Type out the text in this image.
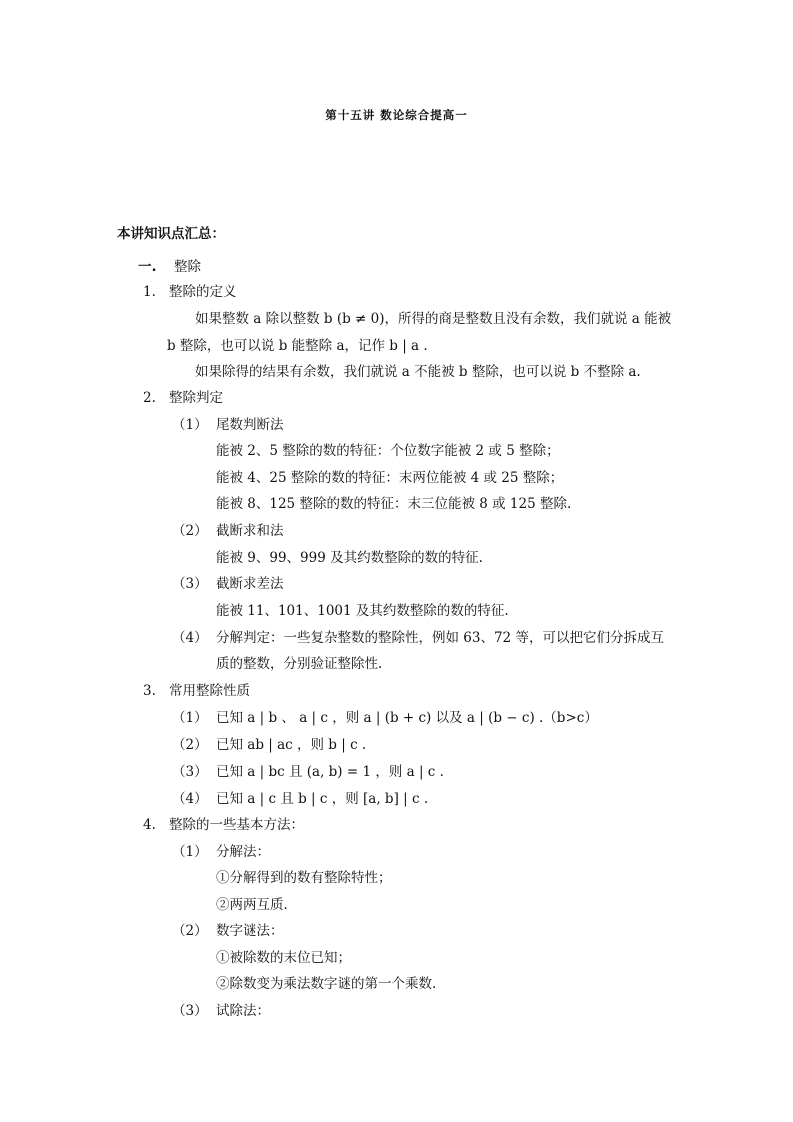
第十五讲 数论综合提高一
本讲知识点汇总：
一. 整除
1. 整除的定义
如果整数 a 除以整数 b (b ≠ 0)，所得的商是整数且没有余数，我们就说 a 能被
b 整除，也可以说 b 能整除 a，记作 b | a .
如果除得的结果有余数，我们就说 a 不能被 b 整除，也可以说 b 不整除 a.
2. 整除判定
（1） 尾数判断法
能被 2、5 整除的数的特征：个位数字能被 2 或 5 整除；
能被 4、25 整除的数的特征：末两位能被 4 或 25 整除；
能被 8、125 整除的数的特征：末三位能被 8 或 125 整除.
（2） 截断求和法
能被 9、99、999 及其约数整除的数的特征.
（3） 截断求差法
能被 11、101、1001 及其约数整除的数的特征.
（4） 分解判定：一些复杂整数的整除性，例如 63、72 等，可以把它们分拆成互
质的整数，分别验证整除性.
3. 常用整除性质
（1） 已知 a | b 、 a | c ，则 a | (b + c) 以及 a | (b − c) .（b>c）
（2） 已知 ab | ac ，则 b | c .
（3） 已知 a | bc 且 (a, b) = 1 ，则 a | c .
（4） 已知 a | c 且 b | c ，则 [a, b] | c .
4. 整除的一些基本方法：
（1） 分解法：
①分解得到的数有整除特性；
②两两互质.
（2） 数字谜法：
①被除数的末位已知；
②除数变为乘法数字谜的第一个乘数.
（3） 试除法：
